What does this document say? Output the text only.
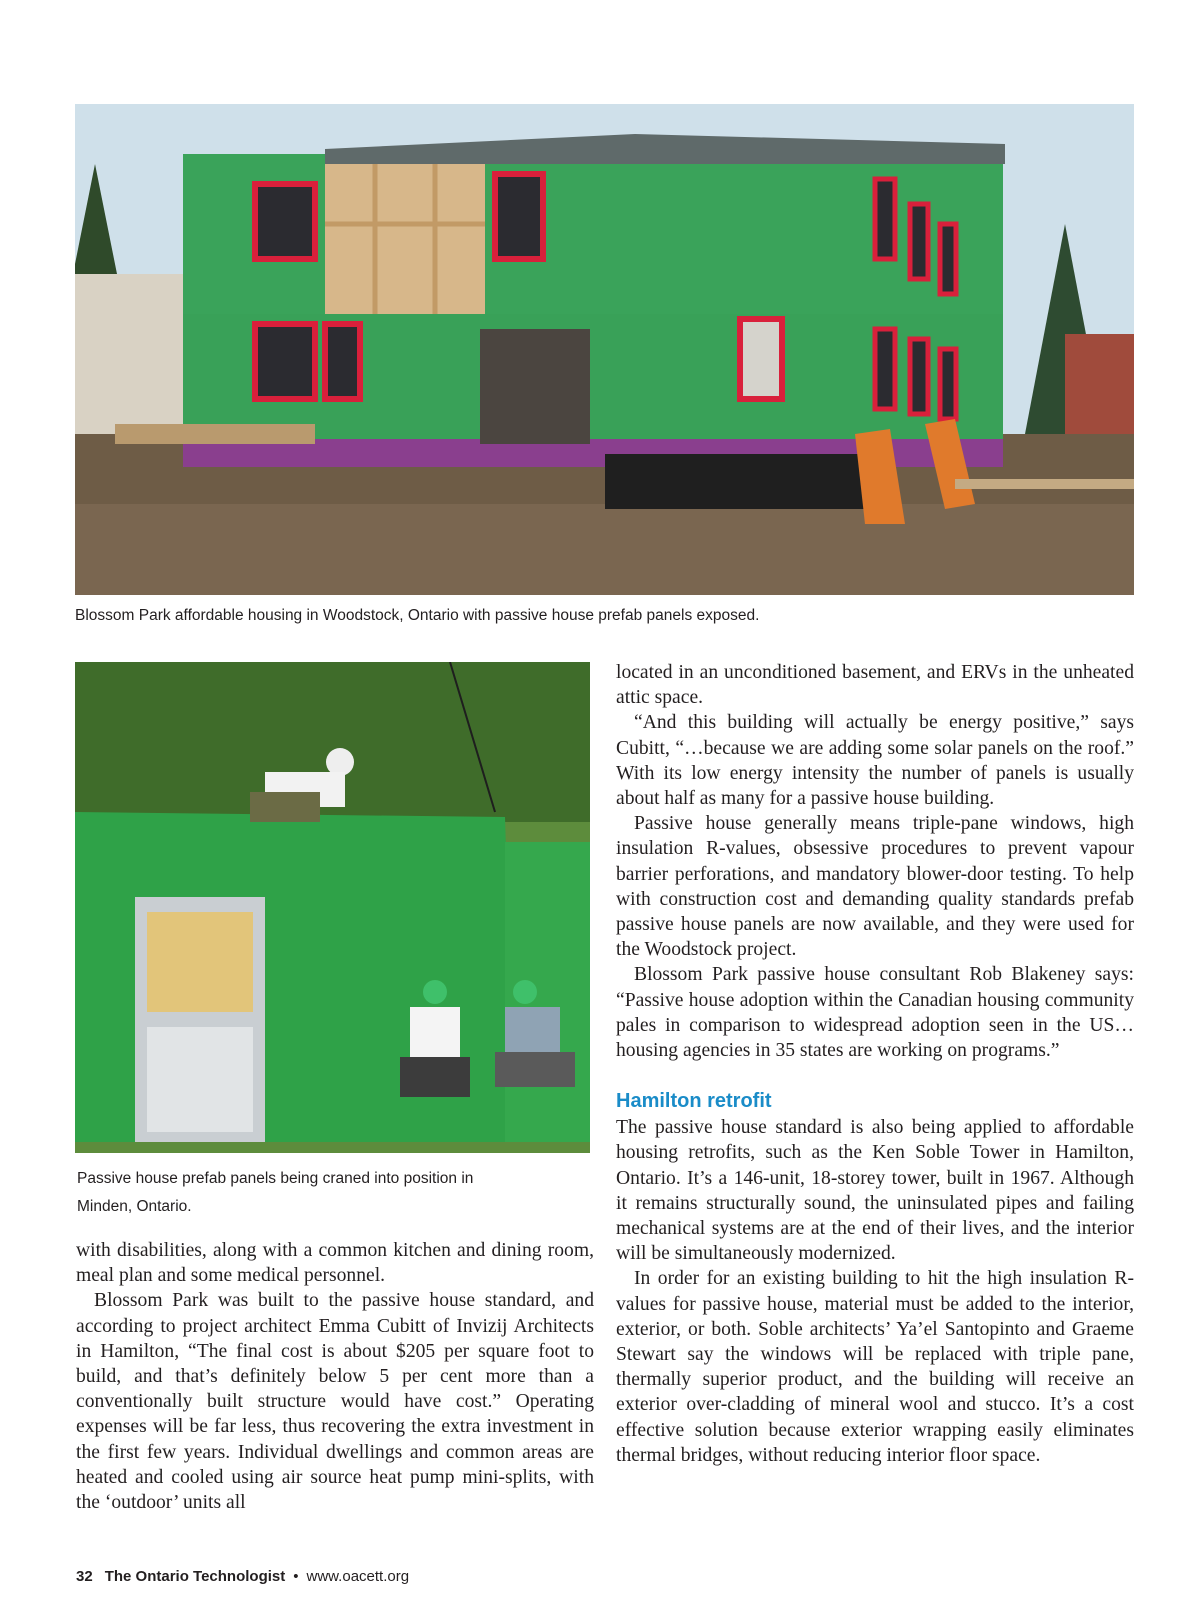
Blossom Park affordable housing in Woodstock, Ontario with passive house prefab panels exposed.

Passive house prefab panels being craned into position in Minden, Ontario.

with disabilities, along with a common kitchen and dining room, meal plan and some medical personnel.

Blossom Park was built to the passive house standard, and according to project architect Emma Cubitt of Invizij Architects in Hamilton, “The final cost is about $205 per square foot to build, and that’s definitely below 5 per cent more than a conventionally built structure would have cost.” Operating expenses will be far less, thus recovering the extra investment in the first few years. Individual dwellings and common areas are heated and cooled using air source heat pump mini-splits, with the ‘outdoor’ units all

located in an unconditioned basement, and ERVs in the unheated attic space.

“And this building will actually be energy positive,” says Cubitt, “…because we are adding some solar panels on the roof.” With its low energy intensity the number of panels is usually about half as many for a passive house building.

Passive house generally means triple-pane windows, high insulation R-values, obsessive procedures to prevent vapour barrier perforations, and mandatory blower-door testing. To help with construction cost and demanding quality standards prefab passive house panels are now available, and they were used for the Woodstock project.

Blossom Park passive house consultant Rob Blakeney says: “Passive house adoption within the Canadian housing community pales in comparison to widespread adoption seen in the US…housing agencies in 35 states are working on programs.”

Hamilton retrofit

The passive house standard is also being applied to affordable housing retrofits, such as the Ken Soble Tower in Hamilton, Ontario. It’s a 146-unit, 18-storey tower, built in 1967. Although it remains structurally sound, the uninsulated pipes and failing mechanical systems are at the end of their lives, and the interior will be simultaneously modernized.

In order for an existing building to hit the high insulation R-values for passive house, material must be added to the interior, exterior, or both. Soble architects’ Ya’el Santopinto and Graeme Stewart say the windows will be replaced with triple pane, thermally superior product, and the building will receive an exterior over-cladding of mineral wool and stucco. It’s a cost effective solution because exterior wrapping easily eliminates thermal bridges, without reducing interior floor space.

32 The Ontario Technologist • www.oacett.org
